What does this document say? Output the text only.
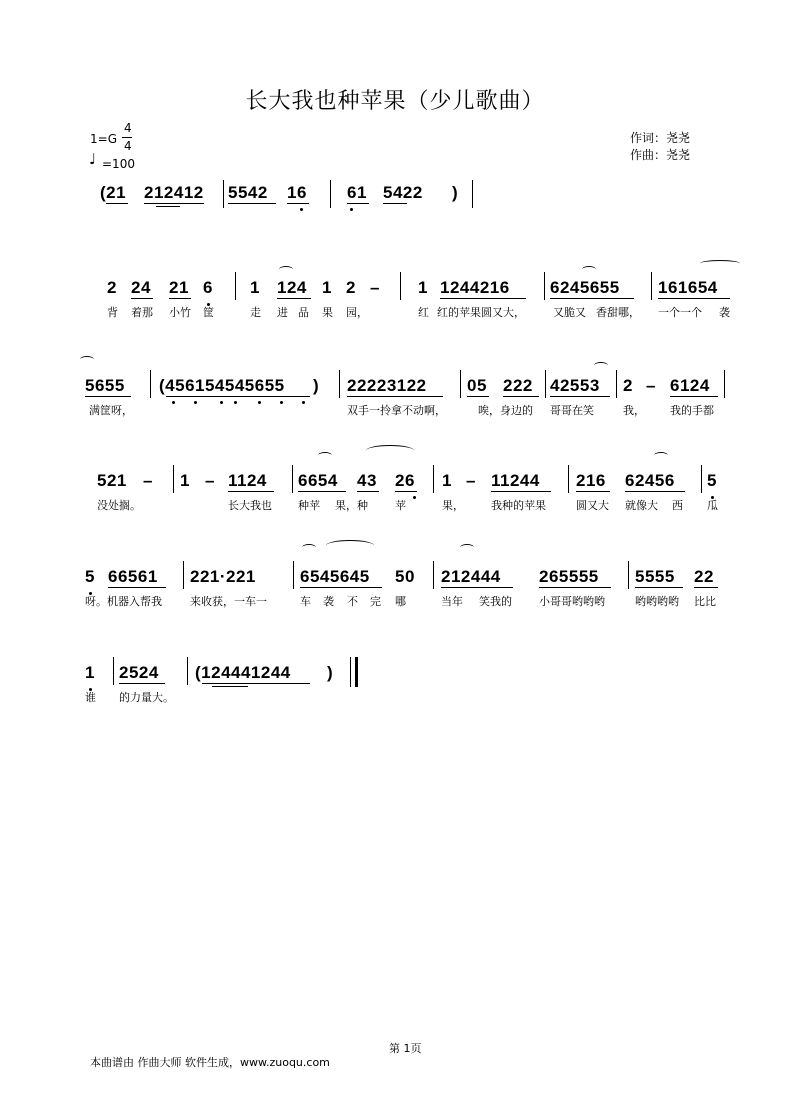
长大我也种苹果（少儿歌曲）
1=G
4
4
♩ =100
作词：尧尧
作曲：尧尧
(21 212412 5542 16 61 5422 )
2 24 21 6 1 124 1 2 – 1 1244216 6245655 161654
背 着那 小竹 筐	走 进 品 果 园，	红 红的苹果圆又大，	又脆又 香甜哪， 一个一个 袭
5655 (456154545655 ) 22223122 05 222 42553 2 – 6124
满筐呀，	双手一拎拿不动啊，	唉，身边的 哥哥在笑	我， 我的手都
521 – 1 – 1124 6654 43 26 1 – 11244 216 62456 5
没处搁。	长大我也 种苹 果，种 苹	果， 我种的苹果	圆又大 就像大 西 瓜
5 66561 221·221	6545645 50 212444 265555 5555 22
呀。机器入帮我	来收获，一车一	车 袭 不 完 哪	当年 笑我的 小哥哥哟哟哟	哟哟哟哟 比比
1 2524 (124441244 )
谁 的力量大。
第 1页
本曲谱由 作曲大师 软件生成，www.zuoqu.com
